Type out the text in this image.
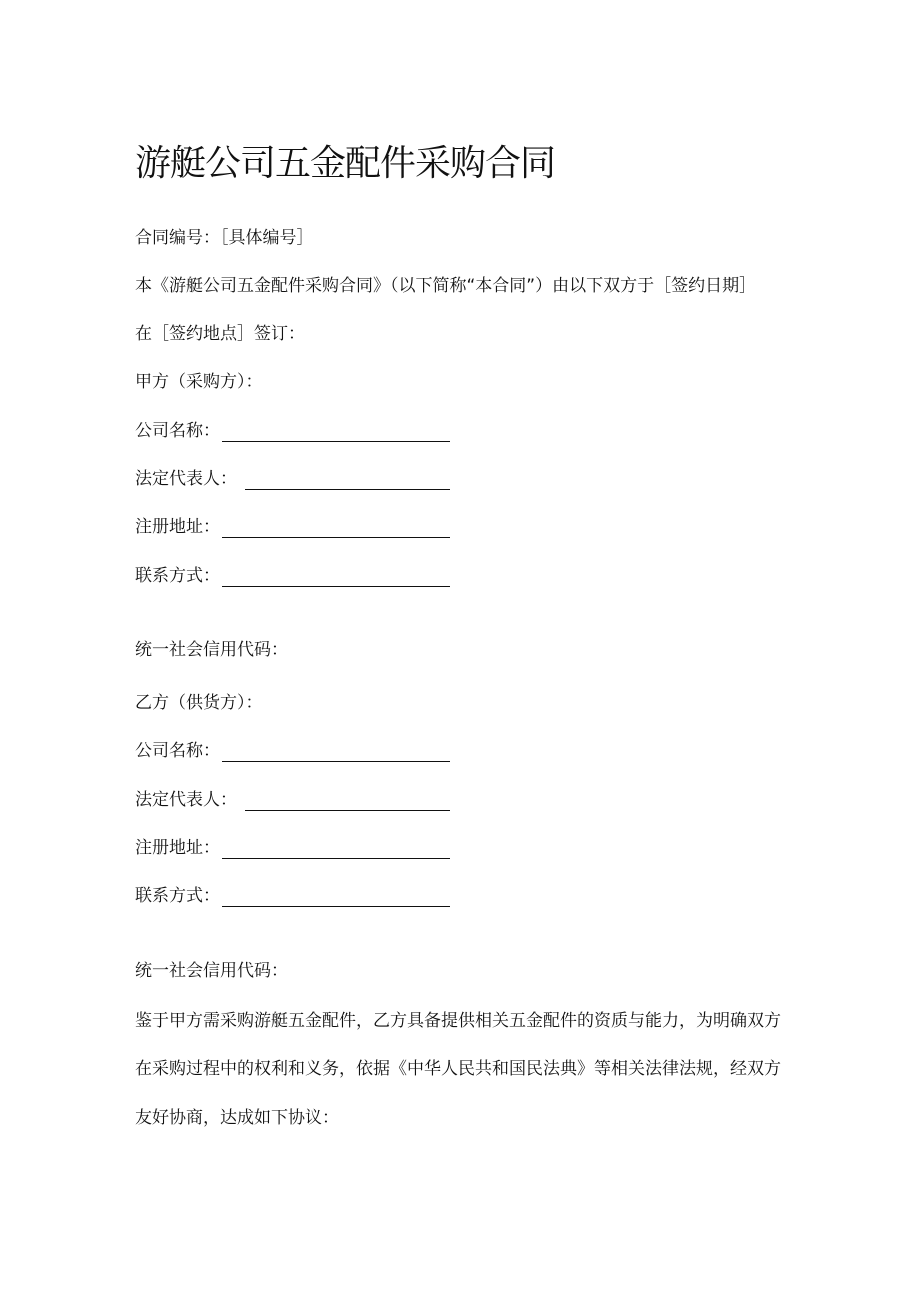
游艇公司五金配件采购合同
合同编号：［具体编号］
本《游艇公司五金配件采购合同》（以下简称“本合同”）由以下双方于［签约日期］
在［签约地点］签订：
甲方（采购方）：
公司名称：
法定代表人：
注册地址：
联系方式：
统一社会信用代码：
乙方（供货方）：
公司名称：
法定代表人：
注册地址：
联系方式：
统一社会信用代码：
鉴于甲方需采购游艇五金配件，乙方具备提供相关五金配件的资质与能力，为明确双方
在采购过程中的权利和义务，依据《中华人民共和国民法典》等相关法律法规，经双方
友好协商，达成如下协议：
